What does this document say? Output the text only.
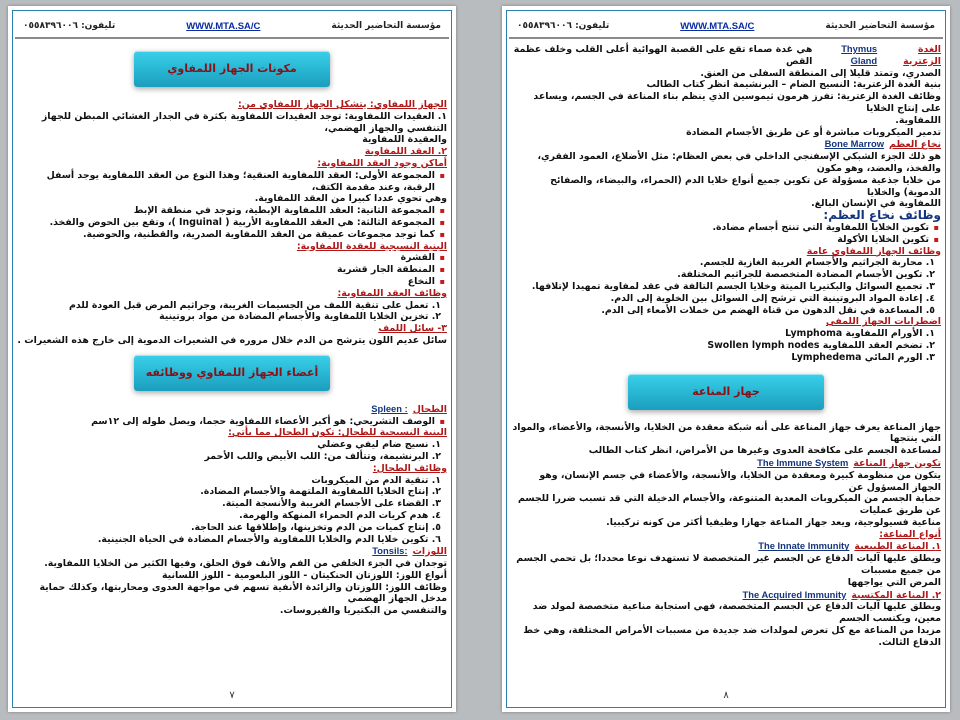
تليفون: ٠٥٥٨٣٩٦٠٠٦	WWW.MTA.SA/C	مؤسسة التحاضير الحديثة
مكونات الجهاز اللمفاوي

الجهاز اللمفاوي: يتشكل الجهاز اللمفاوي من:

١. العقيدات اللمفاوية: توجد العقيدات اللمفاوية بكثرة في الجدار الغشائي المبطن للجهاز التنفسي والجهاز الهضمي،

والعقيدة اللمفاوية

٢. العقد اللمفاوية

أماكن وجود العقد اللمفاوية:

▪ المجموعة الأولى: العقد اللمفاوية العنقية؛ وهذا النوع من العقد اللمفاوية يوجد أسفل الرقبة، وعند مقدمة الكتف،

وهي تحوي عددا كبيرا من العقد اللمفاوية.

▪ المجموعة الثانية: العقد اللمفاوية الإبطية، وتوجد في منطقة الإبط

▪ المجموعة الثالثة: هي العقد اللمفاوية الأربية ( Inguinal )، وتقع بين الحوض والفخذ.

▪ كما توجد مجموعات عميقة من العقد اللمفاوية الصدرية، والقطنية، والحوضية.

البنية النسيجية للعقدة اللمفاوية:

▪ القشرة

▪ المنطقة الجار قشرية

▪ النخاع

وظائف العقد اللمفاوية:

١. تعمل على تنقية اللمف من الجسيمات الغريبة، وجراثيم المرض قبل العودة للدم

٢. تخزين الخلايا اللمفاوية والأجسام المضادة من مواد بروتينية

٣- سائل اللمف

سائل عديم اللون يترشح من الدم خلال مروره في الشعيرات الدموية إلى خارج هذه الشعيرات .

أعضاء الجهاز اللمفاوي ووظائفه

الطحال
Spleen :

▪ الوصف التشريحي: هو أكبر الأعضاء اللمفاوية حجما، ويصل طوله إلى ١٢سم

البنية النسيجية للطحال: تكون الطحال مما يأتي:

١. نسيج ضام ليفي وعضلي

٢. البرنشيمة، وتتألف من: اللب الأبيض واللب الأحمر

وظائف الطحال:

١. تنقية الدم من الميكروبات

٢. إنتاج الخلايا اللمفاوية الملتهمة والأجسام المضادة.

٣. القضاء على الأجسام الغريبة والأنسجة الميتة.

٤. هدم كريات الدم الحمراء المنهكة والهرمة.

٥. إنتاج كميات من الدم وتخزينها، وإطلاقها عند الحاجة.

٦. تكوين خلايا الدم والخلايا اللمفاوية والأجسام المضادة في الحياة الجنينية.

اللوزات
Tonsils:

توجدان في الجزء الخلفي من الفم والأنف فوق الحلق، وفيها الكثير من الخلايا اللمفاوية.

أنواع اللوز: اللوزتان الحنكيتان - اللوز البلعومية - اللوز اللسانية

وظائف اللوز: اللوزتان والزائدة الأنفية تسهم في مواجهة العدوى ومحاربتها، وكذلك حماية مدخل الجهاز الهضمي

والتنفسي من البكتيريا والفيروسات.

٧
تليفون: ٠٥٥٨٣٩٦٠٠٦	WWW.MTA.SA/C	مؤسسة التحاضير الحديثة

الغدة الزعترية
Thymus Gland
هي غدة صماء تقع على القصبة الهوائية أعلى القلب وخلف عظمة القص

الصدري، وتمتد قليلا إلى المنطقة السفلى من العنق.

بنية الغدة الزعترية: النسيج الضام – البرنشيمة انظر كتاب الطالب

وظائف الغدة الزعترية: تفرز هرمون ثيموسين الذي ينظم بناء المناعة في الجسم، ويساعد على إنتاج الخلايا

اللمفاوية.

تدمير الميكروبات مباشرة أو عن طريق الأجسام المضادة

نخاع العظم
Bone Marrow

هو ذلك الجزء الشبكي الإسفنجي الداخلي في بعض العظام: مثل الأضلاع، العمود الفقري، والفخذ، والعضد، وهو مكون

من خلايا جذعية مسؤولة عن تكوين جميع أنواع خلايا الدم (الحمراء، والبيضاء، والصفائح الدموية) والخلايا

اللمفاوية في الإنسان البالغ.

وظائف نخاع العظم:

▪ تكوين الخلايا اللمفاوية التي تنتج أجسام مضادة.

▪ تكوين الخلايا الأكولة

وظائف الجهاز اللمفاوي عامة

١. محاربة الجراثيم والأجسام الغريبة الغازية للجسم.

٢. تكوين الأجسام المضادة المتخصصة للجراثيم المختلفة.

٣. تجميع السوائل والبكتيريا الميتة وخلايا الجسم التالفة في عقد لمفاوية تمهيدا لإتلافها.

٤. إعادة المواد البروتينية التي ترشح إلى السوائل بين الخلوية إلى الدم.

٥. المساعدة في نقل الدهون من قناة الهضم من خملات الأمعاء إلى الدم.

اضطرابات الجهاز اللمفي

١. الأورام اللمفاوية Lymphoma

٢. تضخم العقد اللمفاوية Swollen lymph nodes

٣. الورم المائي Lymphedema

جهاز المناعة

جهاز المناعة يعرف جهاز المناعة على أنه شبكة معقدة من الخلايا، والأنسجة، والأعضاء، والمواد التي ينتجها

لمساعدة الجسم على مكافحة العدوى وغيرها من الأمراض، انظر كتاب الطالب

تكوين جهاز المناعة
The Immune System

يتكون من منظومة كبيرة ومعقدة من الخلايا، والأنسجة، والأعضاء في جسم الإنسان، وهو الجهاز المسؤول عن

حماية الجسم من الميكروبات المعدية المتنوعة، والأجسام الدخيلة التي قد تسبب ضررا للجسم عن طريق عمليات

مناعية فسيولوجية، ويعد جهاز المناعة جهازا وظيفيا أكثر من كونه تركيبيا.

أنواع المناعة:

١. المناعة الطبيعية
The Innate Immunity

ويطلق عليها آليات الدفاع عن الجسم غير المتخصصة لا تستهدف نوعا محددا؛ بل تحمي الجسم من جميع مسببات

المرض التي يواجهها

٢. المناعة المكتسبة
The Acquired Immunity

ويطلق عليها آليات الدفاع عن الجسم المتخصصة، فهي استجابة مناعية متخصصة لمولد ضد معين، ويكتسب الجسم

مزيدا من المناعة مع كل تعرض لمولدات ضد جديدة من مسببات الأمراض المختلفة، وهي خط الدفاع الثالث.

٨
